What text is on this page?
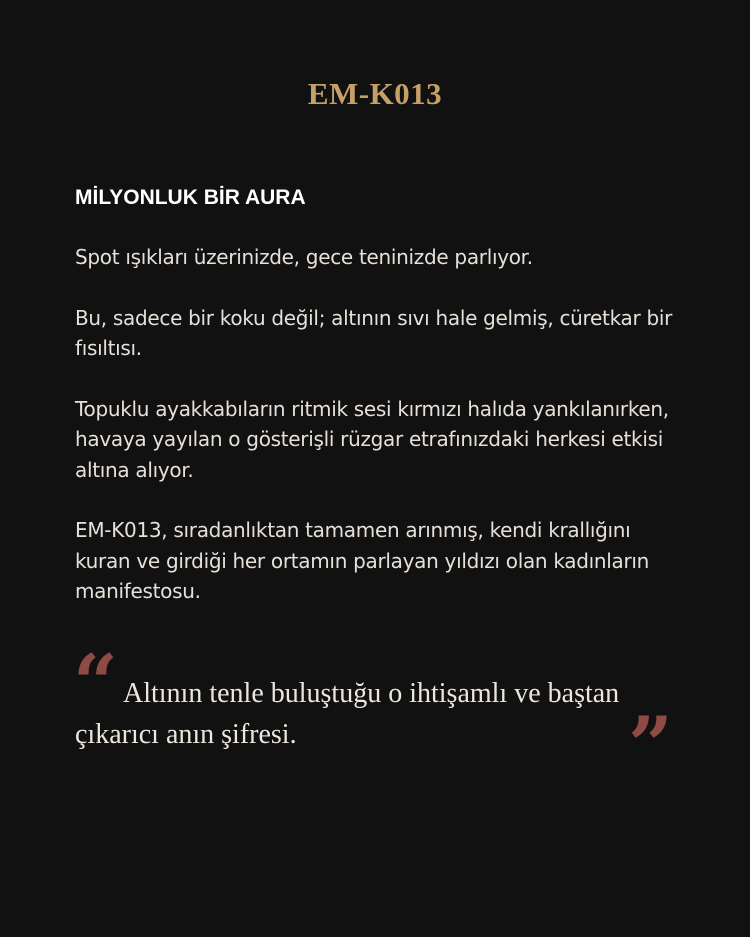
EM-K013
MİLYONLUK BİR AURA

Spot ışıkları üzerinizde, gece teninizde parlıyor.

Bu, sadece bir koku değil; altının sıvı hale gelmiş, cüretkar bir fısıltısı.

Topuklu ayakkabıların ritmik sesi kırmızı halıda yankılanırken, havaya yayılan o gösterişli rüzgar etrafınızdaki herkesi etkisi altına alıyor.

EM-K013, sıradanlıktan tamamen arınmış, kendi krallığını kuran ve girdiği her ortamın parlayan yıldızı olan kadınların manifestosu.

“ Altının tenle buluştuğu o ihtişamlı ve baştan çıkarıcı anın şifresi.	”
